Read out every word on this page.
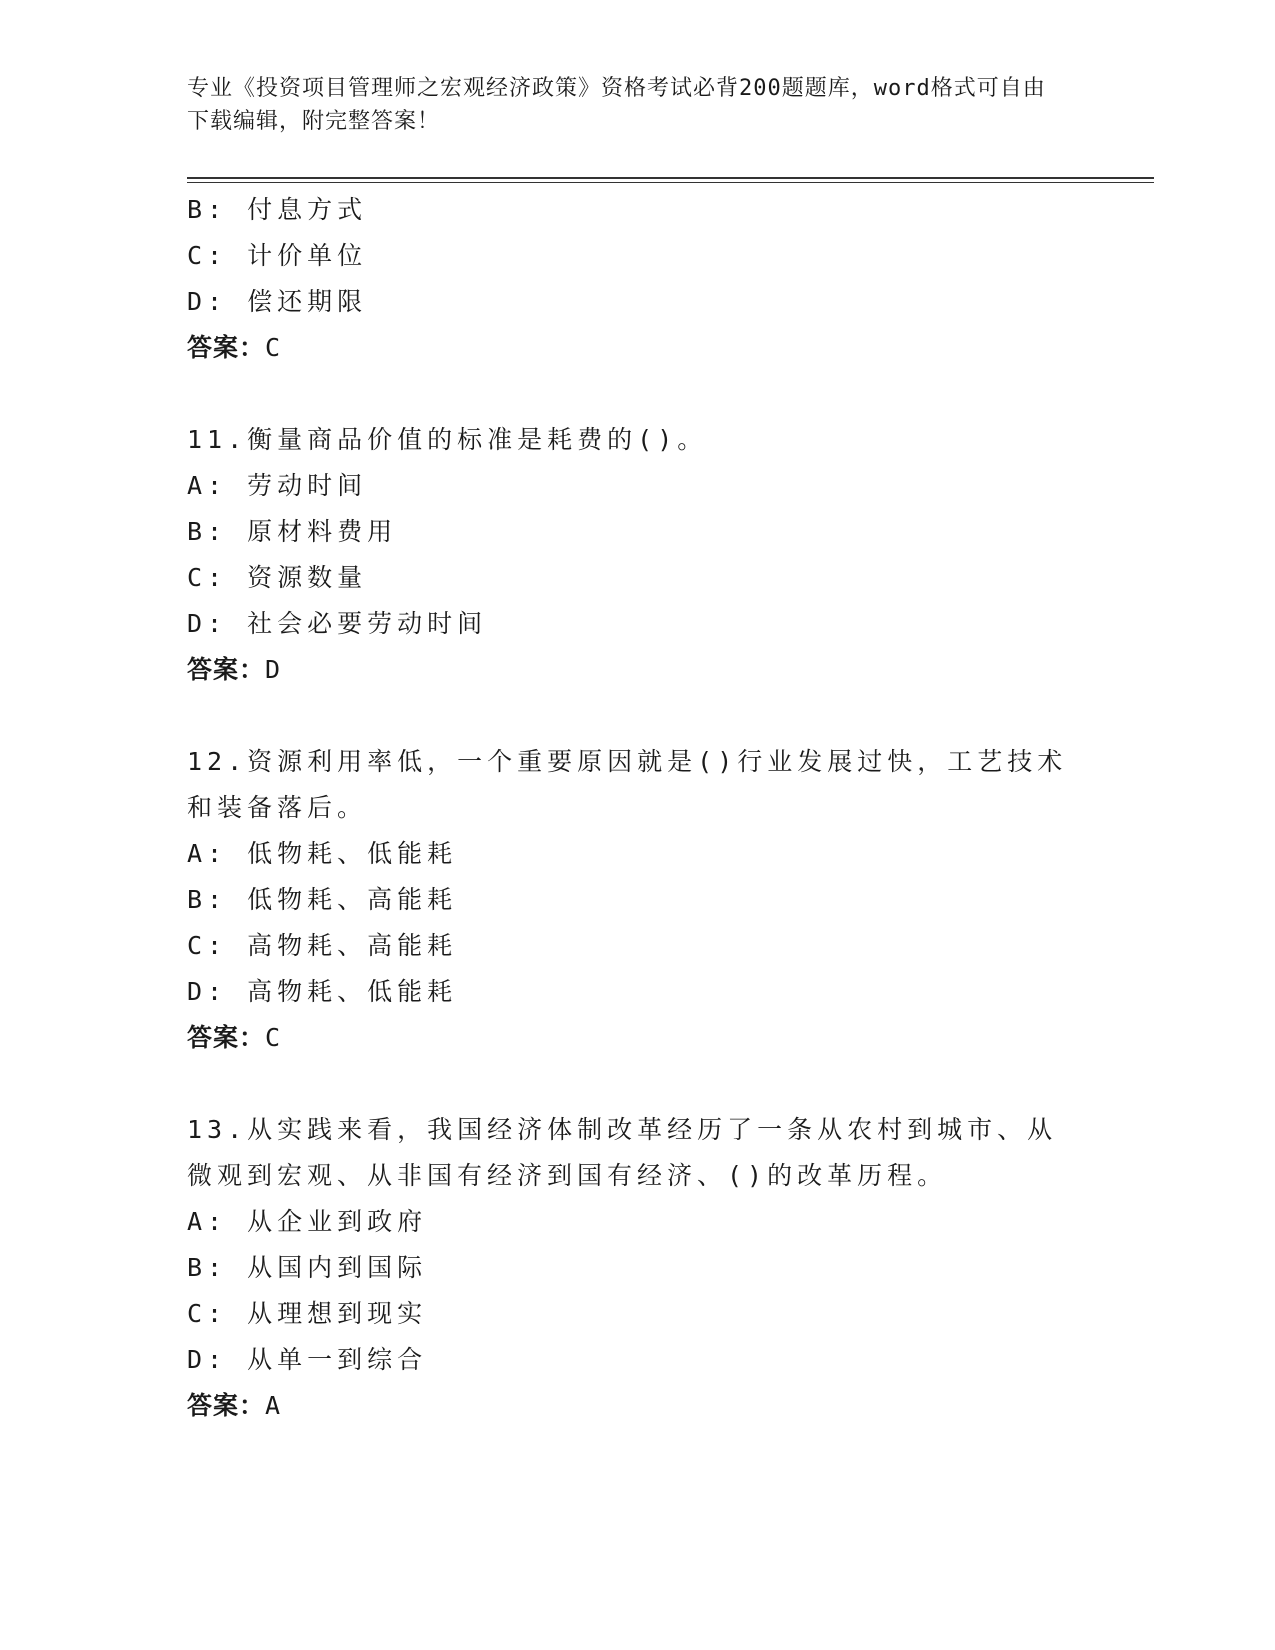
专业《投资项目管理师之宏观经济政策》资格考试必背200题题库，word格式可自由下载编辑，附完整答案！
B: 付息方式
C: 计价单位
D: 偿还期限
答案：C
11.衡量商品价值的标准是耗费的()。
A: 劳动时间
B: 原材料费用
C: 资源数量
D: 社会必要劳动时间
答案：D
12.资源利用率低，一个重要原因就是()行业发展过快，工艺技术和装备落后。
A: 低物耗、低能耗
B: 低物耗、高能耗
C: 高物耗、高能耗
D: 高物耗、低能耗
答案：C
13.从实践来看，我国经济体制改革经历了一条从农村到城市、从微观到宏观、从非国有经济到国有经济、()的改革历程。
A: 从企业到政府
B: 从国内到国际
C: 从理想到现实
D: 从单一到综合
答案：A
